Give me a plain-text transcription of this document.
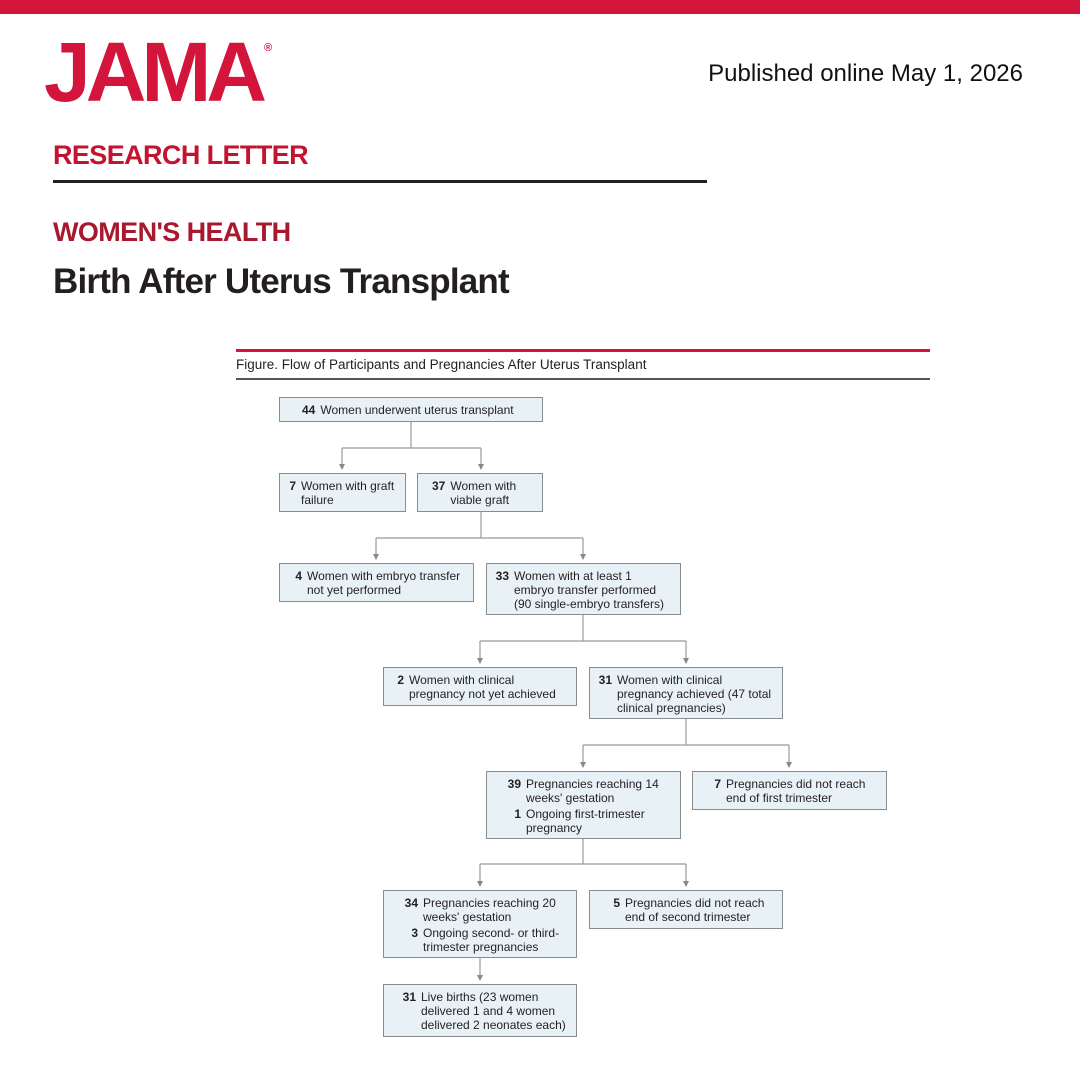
JAMA ®
Published online May 1, 2026
RESEARCH LETTER
WOMEN'S HEALTH
Birth After Uterus Transplant
Figure. Flow of Participants and Pregnancies After Uterus Transplant
44 Women underwent uterus transplant
7 Women with graft failure
37 Women with viable graft
4 Women with embryo transfer not yet performed
33 Women with at least 1 embryo transfer performed (90 single-embryo transfers)
2 Women with clinical pregnancy not yet achieved
31 Women with clinical pregnancy achieved (47 total clinical pregnancies)
39 Pregnancies reaching 14 weeks' gestation
1 Ongoing first-trimester pregnancy
7 Pregnancies did not reach end of first trimester
34 Pregnancies reaching 20 weeks' gestation
3 Ongoing second- or third-trimester pregnancies
5 Pregnancies did not reach end of second trimester
31 Live births (23 women delivered 1 and 4 women delivered 2 neonates each)
